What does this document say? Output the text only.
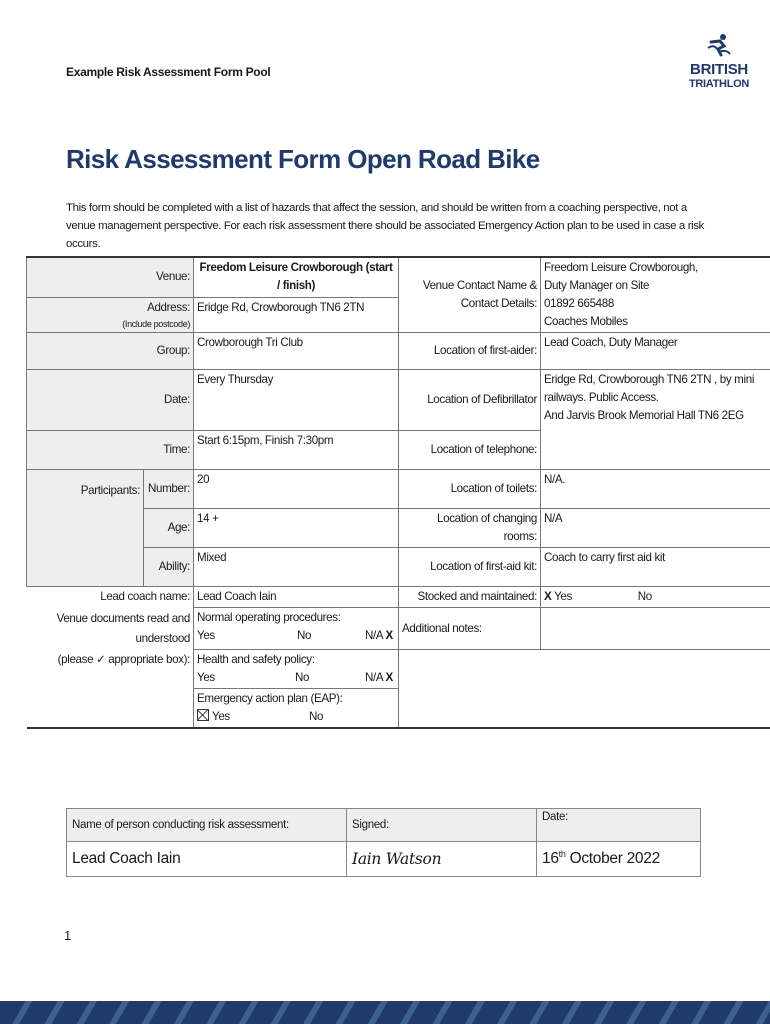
Example Risk Assessment Form Pool	BRITISH
TRIATHLON
Risk Assessment Form Open Road Bike
This form should be completed with a list of hazards that affect the session, and should be written from a coaching perspective, not a venue management perspective. For each risk assessment there should be associated Emergency Action plan to be used in case a risk occurs.
Venue:		Freedom Leisure Crowborough (start / finish)	Venue Contact Name & Contact Details:	Freedom Leisure Crowborough,
Duty Manager on Site
01892 665488
Coaches Mobiles

Address:
(Include postcode)		Eridge Rd, Crowborough TN6 2TN		
Group:		Crowborough Tri Club	Location of first-aider:	Lead Coach, Duty Manager
Date:		Every Thursday	Location of Defibrillator	Eridge Rd, Crowborough TN6 2TN , by mini railways. Public Access.
And Jarvis Brook Memorial Hall TN6 2EG

Time:		Start 6:15pm, Finish 7:30pm	Location of telephone:	
Participants:	Number:	20	Location of toilets:	N/A.
	Age:	14 +	Location of changing rooms:	N/A
	Ability:	Mixed	Location of first-aid kit:	Coach to carry first aid kit
Lead coach name:		Lead Coach Iain	Stocked and maintained:	X Yes No
Venue documents read and understood		Normal operating procedures:
Yes No N/A X	Additional notes:	
(please ✓ appropriate box):		Health and safety policy:
Yes No N/A X		

		Emergency action plan (EAP):
Yes No		
Name of person conducting risk assessment:	Signed:	Date:
Lead Coach Iain	Iain Watson	16th October 2022
1
